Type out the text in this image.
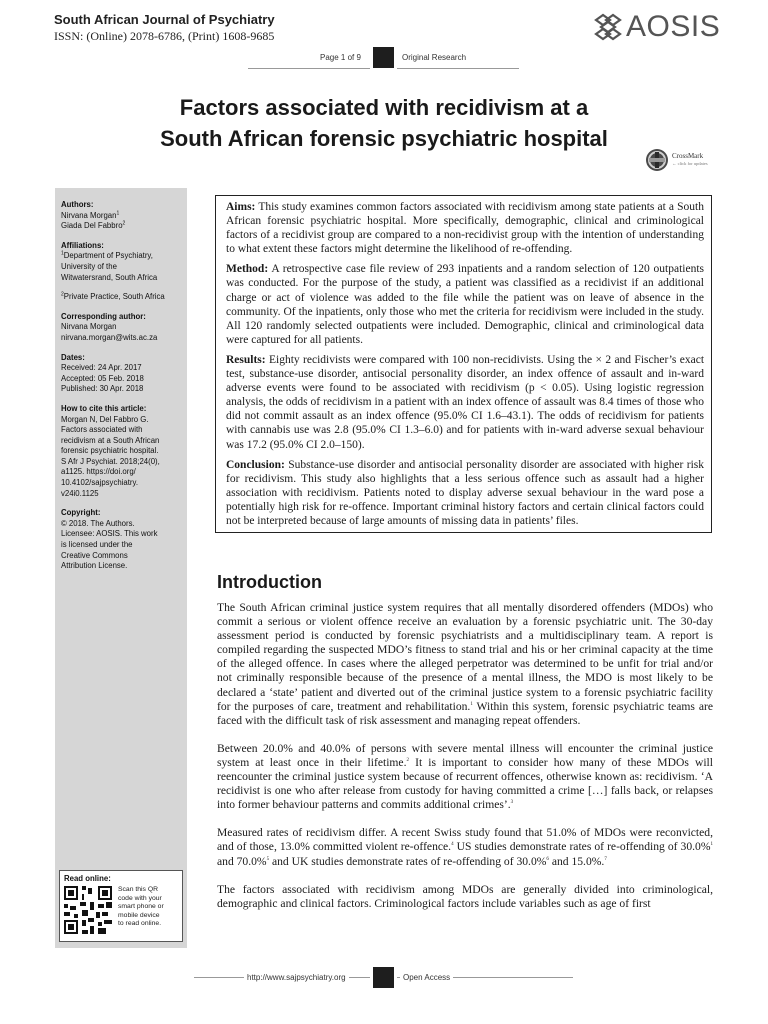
South African Journal of Psychiatry
ISSN: (Online) 2078-6786, (Print) 1608-9685	AOSIS
Page 1 of 9	Original Research
Factors associated with recidivism at a
South African forensic psychiatric hospital
CrossMark
← click for updates
Authors:
Nirvana Morgan$^1$
Giada Del Fabbro$^2$
Affiliations:
$^1$Department of Psychiatry,
University of the
Witwatersrand, South Africa
$^2$Private Practice, South Africa
Corresponding author:
Nirvana Morgan
nirvana.morgan@wits.ac.za
Dates:
Received: 24 Apr. 2017
Accepted: 05 Feb. 2018
Published: 30 Apr. 2018
How to cite this article:
Morgan N, Del Fabbro G.
Factors associated with
recidivism at a South African
forensic psychiatric hospital.
S Afr J Psychiat. 2018;24(0),
a1125. https://doi.org/
10.4102/sajpsychiatry.
v24i0.1125
Copyright:
© 2018. The Authors.
Licensee: AOSIS. This work
is licensed under the
Creative Commons
Attribution License.
Read online:
Scan this QR
code with your
smart phone or
mobile device
to read online.

Aims: This study examines common factors associated with recidivism among state patients at a South African forensic psychiatric hospital. More specifically, demographic, clinical and criminological factors of a recidivist group are compared to a non-recidivist group with the intention of understanding to what extent these factors might determine the likelihood of re-offending.

Method: A retrospective case file review of 293 inpatients and a random selection of 120 outpatients was conducted. For the purpose of the study, a patient was classified as a recidivist if an additional charge or act of violence was added to the file while the patient was on leave of absence in the community. Of the inpatients, only those who met the criteria for recidivism were included in the study. All 120 randomly selected outpatients were included. Demographic, clinical and criminological data were captured for all patients.

Results: Eighty recidivists were compared with 100 non-recidivists. Using the × 2 and Fischer’s exact test, substance-use disorder, antisocial personality disorder, an index offence of assault and in-ward adverse events were found to be associated with recidivism (p < 0.05). Using logistic regression analysis, the odds of recidivism in a patient with an index offence of assault was 8.4 times of those who did not commit assault as an index offence (95.0% CI 1.6–43.1). The odds of recidivism for patients with cannabis use was 2.8 (95.0% CI 1.3–6.0) and for patients with in-ward adverse sexual behaviour was 17.2 (95.0% CI 2.0–150).

Conclusion: Substance-use disorder and antisocial personality disorder are associated with higher risk for recidivism. This study also highlights that a less serious offence such as assault had a higher association with recidivism. Patients noted to display adverse sexual behaviour in the ward pose a potentially high risk for re-offence. Important criminal history factors and certain clinical factors could not be interpreted because of large amounts of missing data in patients’ files.

Introduction

The South African criminal justice system requires that all mentally disordered offenders (MDOs) who commit a serious or violent offence receive an evaluation by a forensic psychiatric unit. The 30-day assessment period is conducted by forensic psychiatrists and a multidisciplinary team. A report is compiled regarding the suspected MDO’s fitness to stand trial and his or her criminal capacity at the time of the alleged offence. In cases where the alleged perpetrator was determined to be unfit for trial and/or not criminally responsible because of the presence of a mental illness, the MDO is most likely to be declared a ‘state’ patient and diverted out of the criminal justice system to a forensic psychiatric facility for the purposes of care, treatment and rehabilitation.$^1$ Within this system, forensic psychiatric teams are faced with the difficult task of risk assessment and managing repeat offenders.

Between 20.0% and 40.0% of persons with severe mental illness will encounter the criminal justice system at least once in their lifetime.$^2$ It is important to consider how many of these MDOs will reencounter the criminal justice system because of recurrent offences, otherwise known as: recidivism. ‘A recidivist is one who after release from custody for having committed a crime […] falls back, or relapses into former behaviour patterns and commits additional crimes’.$^3$

Measured rates of recidivism differ. A recent Swiss study found that 51.0% of MDOs were reconvicted, and of those, 13.0% committed violent re-offence.$^4$ US studies demonstrate rates of re-offending of 30.0%$^1$ and 70.0%$^5$ and UK studies demonstrate rates of re-offending of 30.0%$^6$ and 15.0%.$^7$

The factors associated with recidivism among MDOs are generally divided into criminological, demographic and clinical factors. Criminological factors include variables such as age of first

http://www.sajpsychiatry.org	Open Access
